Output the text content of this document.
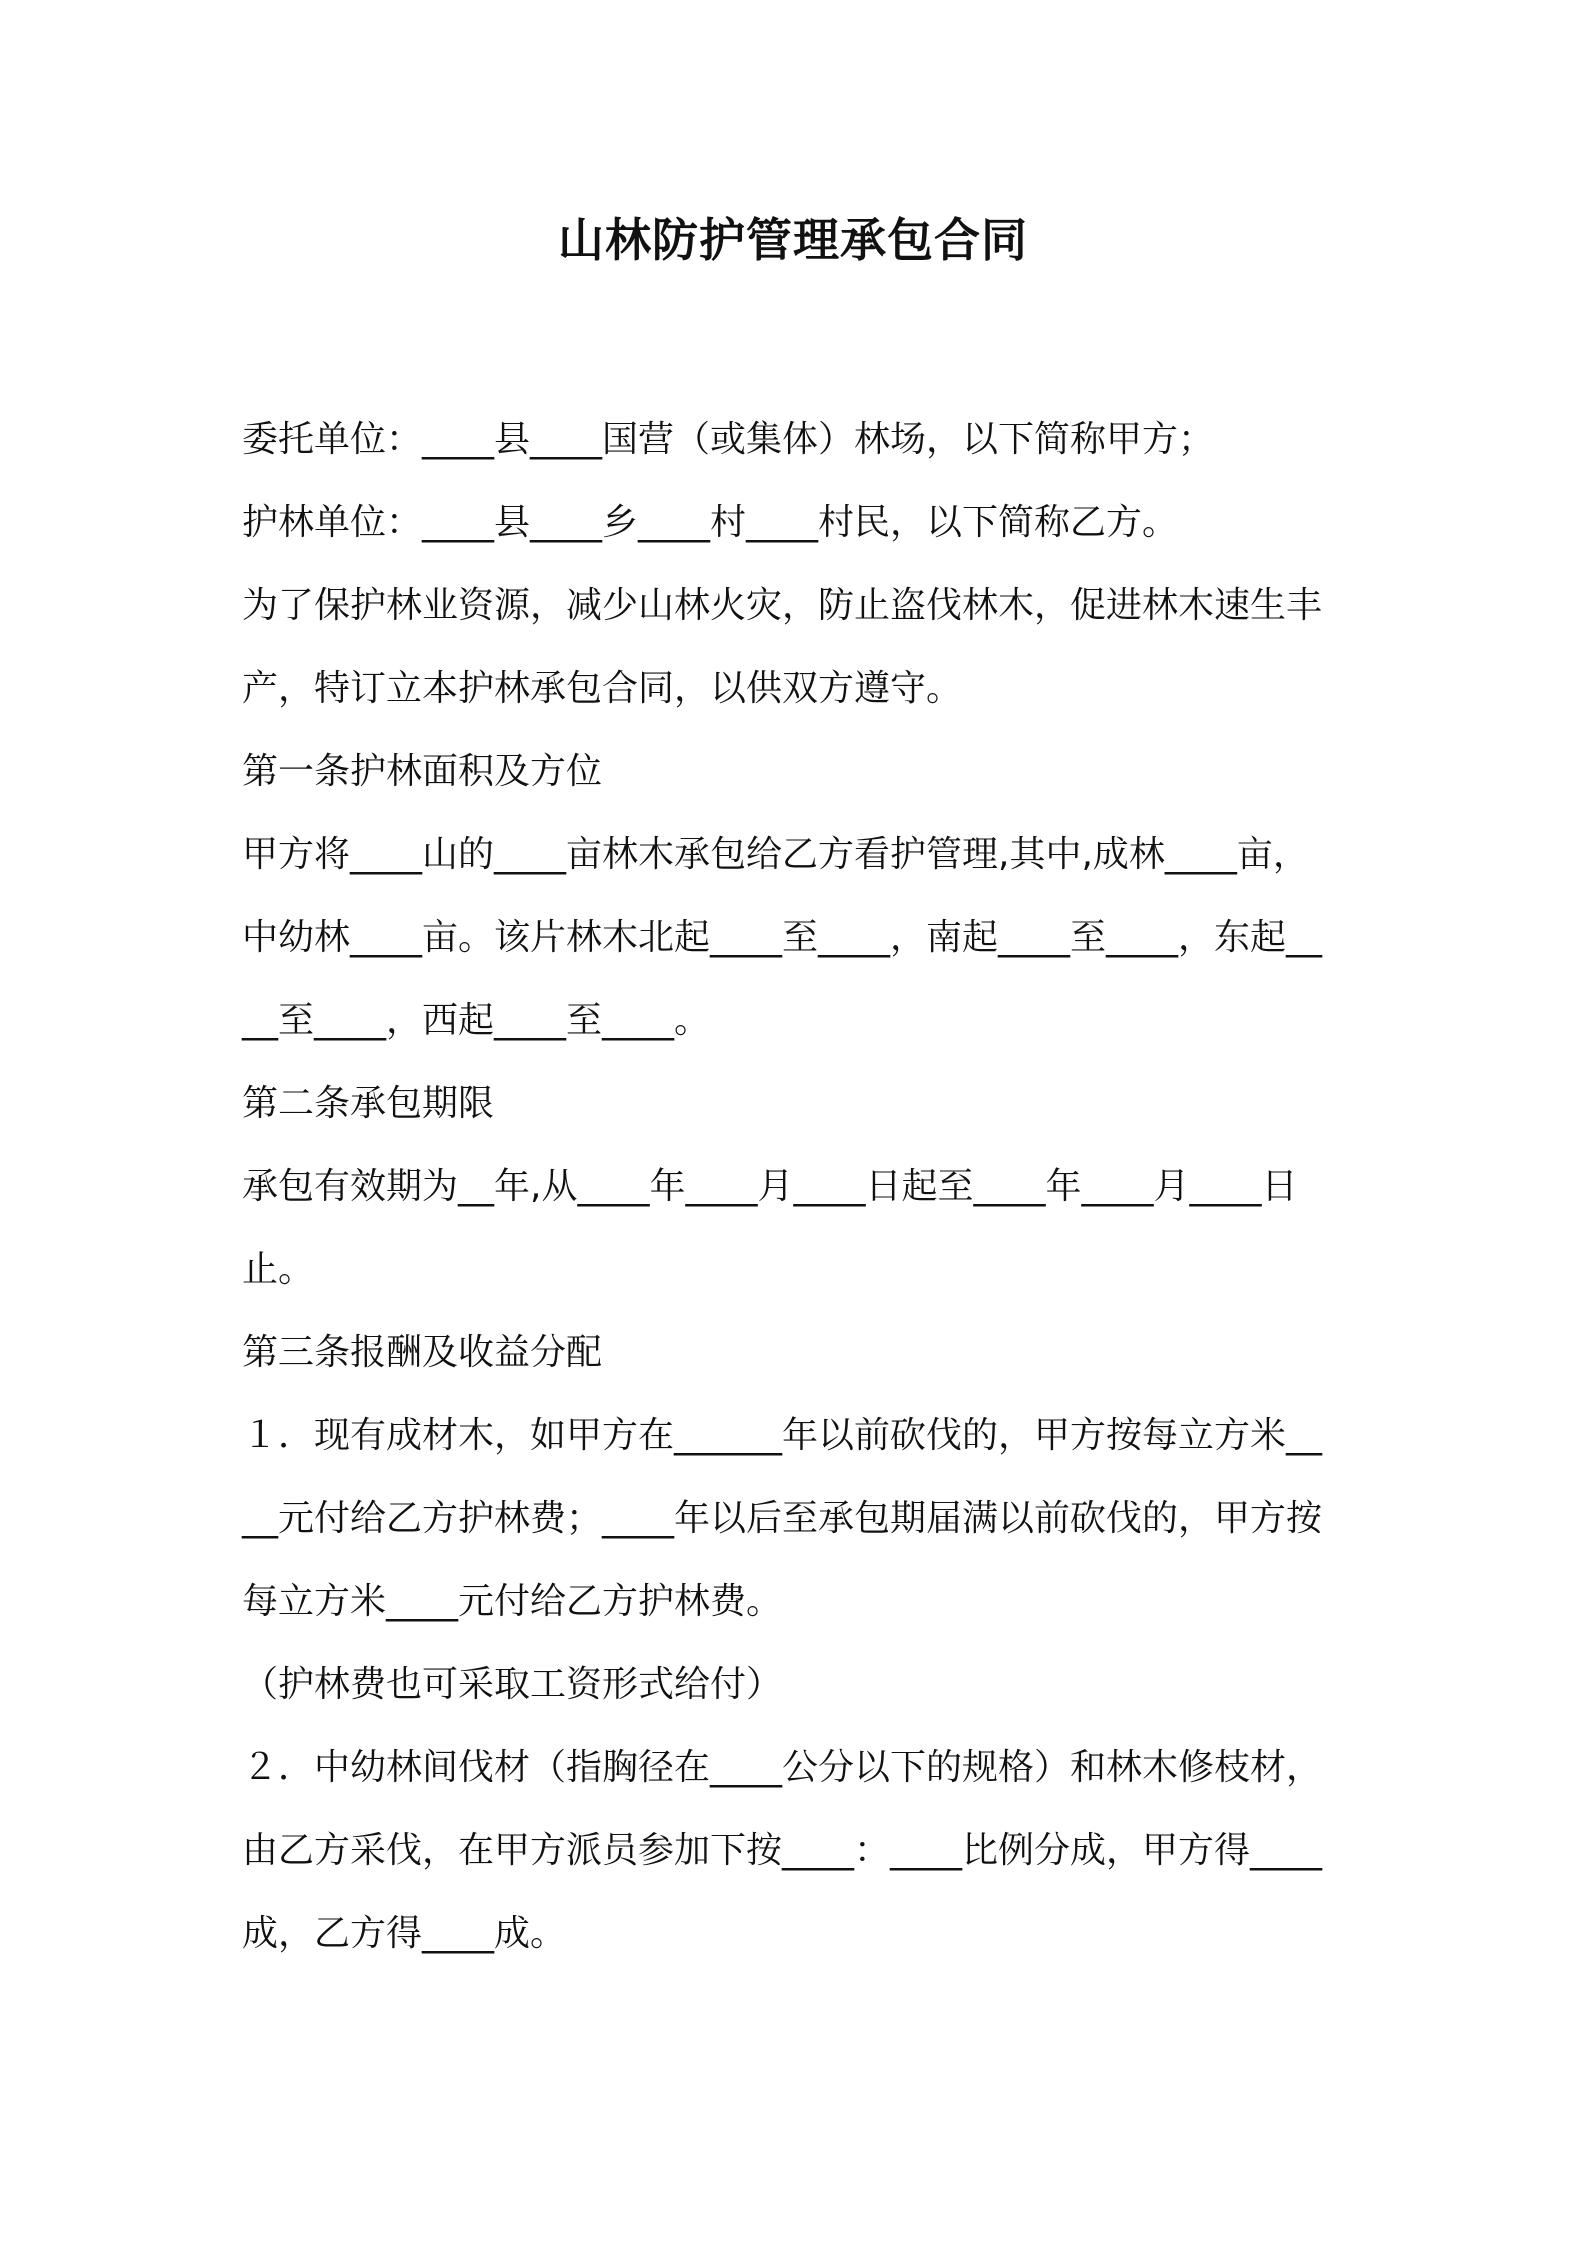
山林防护管理承包合同
委托单位：____县____国营（或集体）林场，以下简称甲方；
护林单位：____县____乡____村____村民，以下简称乙方。
为了保护林业资源，减少山林火灾，防止盗伐林木，促进林木速生丰
产，特订立本护林承包合同，以供双方遵守。
第一条护林面积及方位
甲方将____山的____亩林木承包给乙方看护管理,其中,成林____亩，
中幼林____亩。该片林木北起____至____，南起____至____，东起__
__至____，西起____至____。
第二条承包期限
承包有效期为__年,从____年____月____日起至____年____月____日
止。
第三条报酬及收益分配
１．现有成材木，如甲方在______年以前砍伐的，甲方按每立方米__
__元付给乙方护林费；____年以后至承包期届满以前砍伐的，甲方按
每立方米____元付给乙方护林费。
（护林费也可采取工资形式给付）
２．中幼林间伐材（指胸径在____公分以下的规格）和林木修枝材，
由乙方采伐，在甲方派员参加下按____：____比例分成，甲方得____
成，乙方得____成。
